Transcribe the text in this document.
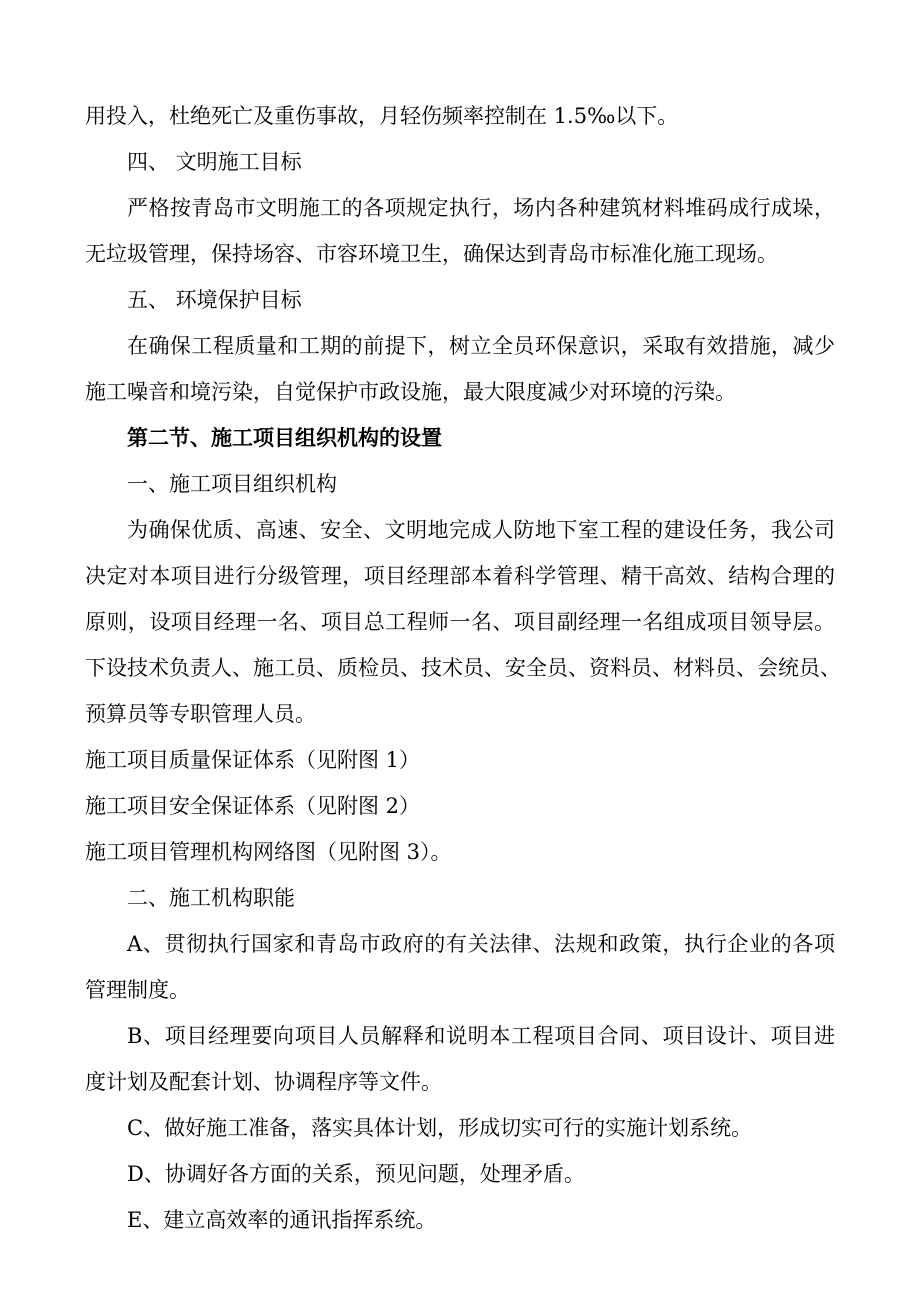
用投入，杜绝死亡及重伤事故，月轻伤频率控制在 1.5‰以下。
四、 文明施工目标
严格按青岛市文明施工的各项规定执行，场内各种建筑材料堆码成行成垛，
无垃圾管理，保持场容、市容环境卫生，确保达到青岛市标准化施工现场。
五、 环境保护目标
在确保工程质量和工期的前提下，树立全员环保意识，采取有效措施，减少
施工噪音和境污染，自觉保护市政设施，最大限度减少对环境的污染。
第二节、施工项目组织机构的设置
一、施工项目组织机构
为确保优质、高速、安全、文明地完成人防地下室工程的建设任务，我公司
决定对本项目进行分级管理，项目经理部本着科学管理、精干高效、结构合理的
原则，设项目经理一名、项目总工程师一名、项目副经理一名组成项目领导层。
下设技术负责人、施工员、质检员、技术员、安全员、资料员、材料员、会统员、
预算员等专职管理人员。
施工项目质量保证体系（见附图 1）
施工项目安全保证体系（见附图 2）
施工项目管理机构网络图（见附图 3）。
二、施工机构职能
A、贯彻执行国家和青岛市政府的有关法律、法规和政策，执行企业的各项
管理制度。
B、项目经理要向项目人员解释和说明本工程项目合同、项目设计、项目进
度计划及配套计划、协调程序等文件。
C、做好施工准备，落实具体计划，形成切实可行的实施计划系统。
D、协调好各方面的关系，预见问题，处理矛盾。
E、建立高效率的通讯指挥系统。
